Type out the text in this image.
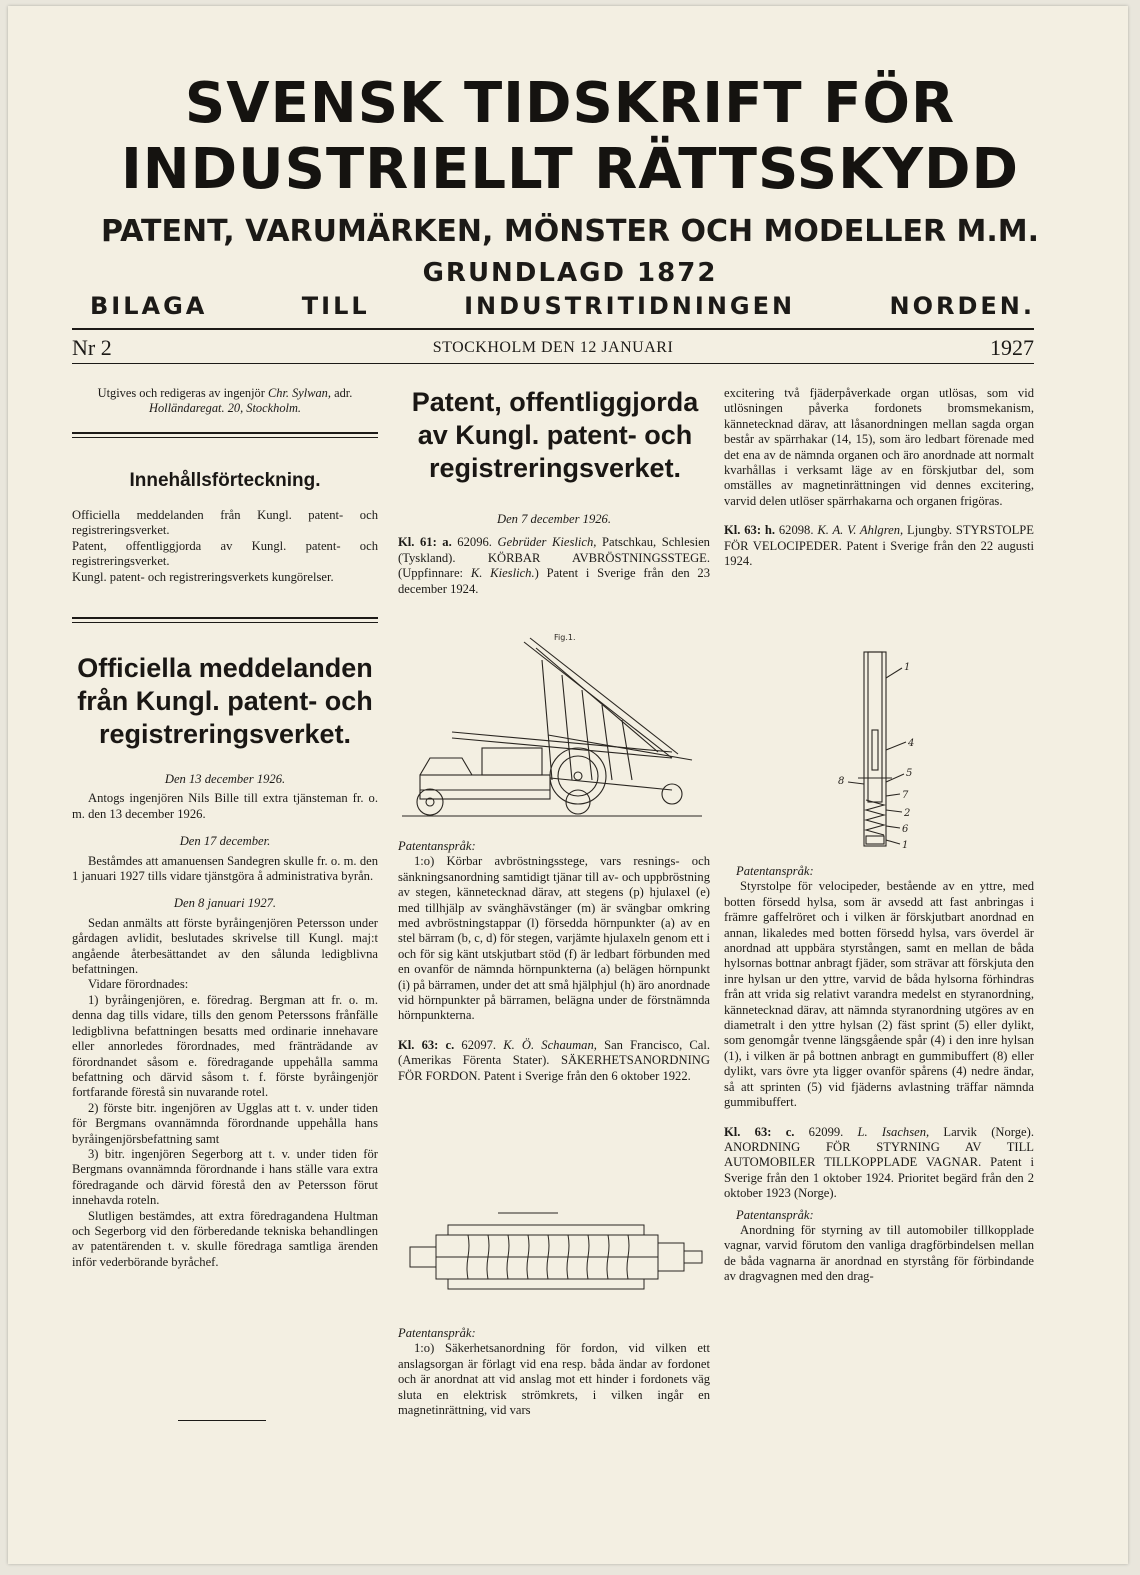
SVENSK TIDSKRIFT FÖR
INDUSTRIELLT RÄTTSSKYDD
PATENT, VARUMÄRKEN, MÖNSTER OCH MODELLER M.M.
GRUNDLAGD 1872
BILAGA TILL INDUSTRITIDNINGEN NORDEN.
Nr 2	STOCKHOLM DEN 12 JANUARI	1927

Utgives och redigeras av ingenjör Chr. Sylwan, adr. Holländaregat. 20, Stockholm.

Innehållsförteckning.

Officiella meddelanden från Kungl. patent- och registreringsverket.

Patent, offentliggjorda av Kungl. patent- och registreringsverket.

Kungl. patent- och registreringsverkets kungörelser.

Officiella meddelanden från Kungl. patent- och registreringsverket.

Den 13 december 1926.

Antogs ingenjören Nils Bille till extra tjänsteman fr. o. m. den 13 december 1926.

Den 17 december.

Beståmdes att amanuensen Sandegren skulle fr. o. m. den 1 januari 1927 tills vidare tjänstgöra å administrativa byrån.

Den 8 januari 1927.

Sedan anmälts att förste byråingenjören Petersson under gårdagen avlidit, beslutades skrivelse till Kungl. maj:t angående återbesättandet av den sålunda ledigblivna befattningen.

Vidare förordnades:

1) byråingenjören, e. föredrag. Bergman att fr. o. m. denna dag tills vidare, tills den genom Peterssons frånfälle ledigblivna befattningen besatts med ordinarie innehavare eller annorledes förordnades, med fränträdande av förordnandet såsom e. föredragande uppehålla samma befattning och därvid såsom t. f. förste byråingenjör fortfarande förestå sin nuvarande rotel.

2) förste bitr. ingenjören av Ugglas att t. v. under tiden för Bergmans ovannämnda förordnande uppehålla hans byråingenjörsbefattning samt

3) bitr. ingenjören Segerborg att t. v. under tiden för Bergmans ovannämnda förordnande i hans ställe vara extra föredragande och därvid förestå den av Petersson förut innehavda roteln.

Slutligen bestämdes, att extra föredragandena Hultman och Segerborg vid den förberedande tekniska behandlingen av patentärenden t. v. skulle föredraga samtliga ärenden inför vederbörande byråchef.

Patent, offentliggjorda av Kungl. patent- och registreringsverket.

Den 7 december 1926.

Kl. 61: a. 62096. Gebrüder Kieslich, Patschkau, Schlesien (Tyskland). KÖRBAR AVBRÖSTNINGSSTEGE. (Uppfinnare: K. Kieslich.) Patent i Sverige från den 23 december 1924.

Fig.1.

Patentanspråk:

1:o) Körbar avbröstningsstege, vars resnings- och sänkningsanordning samtidigt tjänar till av- och uppbröstning av stegen, kännetecknad därav, att stegens (p) hjulaxel (e) med tillhjälp av svänghävstänger (m) är svängbar omkring med avbröstningstappar (l) försedda hörnpunkter (a) av en stel bärram (b, c, d) för stegen, varjämte hjulaxeln genom ett i och för sig känt utskjutbart stöd (f) är ledbart förbunden med en ovanför de nämnda hörnpunkterna (a) belägen hörnpunkt (i) på bärramen, under det att små hjälphjul (h) äro anordnade vid hörnpunkter på bärramen, belägna under de förstnämnda hörnpunkterna.

Kl. 63: c. 62097. K. Ö. Schauman, San Francisco, Cal. (Amerikas Förenta Stater). SÄKERHETSANORDNING FÖR FORDON. Patent i Sverige från den 6 oktober 1922.

Patentanspråk:

1:o) Säkerhetsanordning för fordon, vid vilken ett anslagsorgan är förlagt vid ena resp. båda ändar av fordonet och är anordnat att vid anslag mot ett hinder i fordonets väg sluta en elektrisk strömkrets, i vilken ingår en magnetinrättning, vid vars

excitering två fjäderpåverkade organ utlösas, som vid utlösningen påverka fordonets bromsmekanism, kännetecknad därav, att låsanordningen mellan sagda organ består av spärrhakar (14, 15), som äro ledbart förenade med det ena av de nämnda organen och äro anordnade att normalt kvarhållas i verksamt läge av en förskjutbar del, som omställes av magnetinrättningen vid dennes excitering, varvid delen utlöser spärrhakarna och organen frigöras.

Kl. 63: h. 62098. K. A. V. Ahlgren, Ljungby. STYRSTOLPE FÖR VELOCIPEDER. Patent i Sverige från den 22 augusti 1924.

1
4
5
8
7
2
6
1

Patentanspråk:

Styrstolpe för velocipeder, bestående av en yttre, med botten försedd hylsa, som är avsedd att fast anbringas i främre gaffelröret och i vilken är förskjutbart anordnad en annan, likaledes med botten försedd hylsa, vars överdel är anordnad att uppbära styrstången, samt en mellan de båda hylsornas bottnar anbragt fjäder, som strävar att förskjuta den inre hylsan ur den yttre, varvid de båda hylsorna förhindras från att vrida sig relativt varandra medelst en styranordning, kännetecknad därav, att nämnda styranordning utgöres av en diametralt i den yttre hylsan (2) fäst sprint (5) eller dylikt, som genomgår tvenne längsgående spår (4) i den inre hylsan (1), i vilken är på bottnen anbragt en gummibuffert (8) eller dylikt, vars övre yta ligger ovanför spårens (4) nedre ändar, så att sprinten (5) vid fjäderns avlastning träffar nämnda gummibuffert.

Kl. 63: c. 62099. L. Isachsen, Larvik (Norge). ANORDNING FÖR STYRNING AV TILL AUTOMOBILER TILLKOPPLADE VAGNAR. Patent i Sverige från den 1 oktober 1924. Prioritet begärd från den 2 oktober 1923 (Norge).

Patentanspråk:

Anordning för styrning av till automobiler tillkopplade vagnar, varvid förutom den vanliga dragförbindelsen mellan de båda vagnarna är anordnad en styrstång för förbindande av dragvagnen med den drag-
